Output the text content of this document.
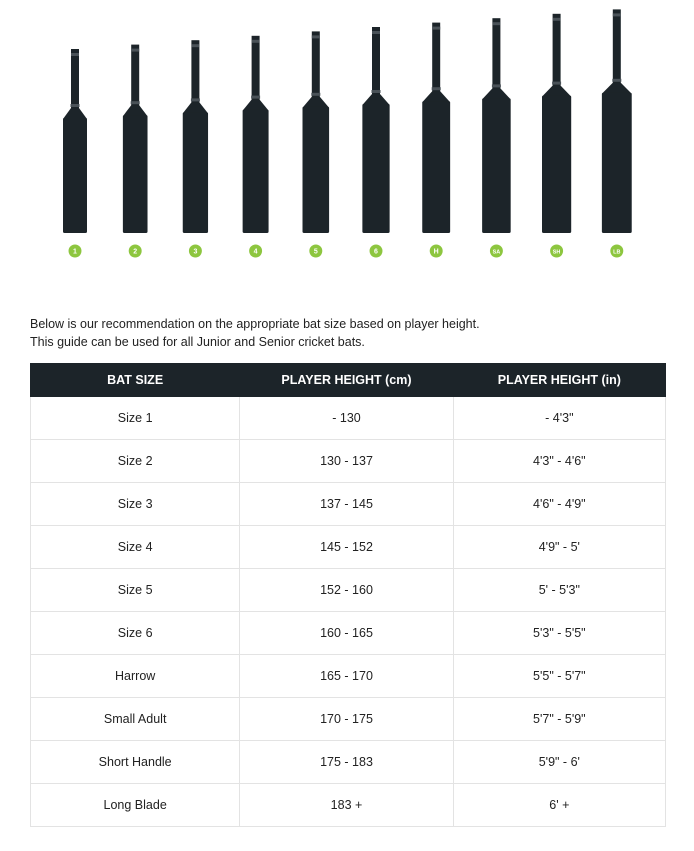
1	2	3	4	5	6	H	SA	SH	LB

Below is our recommendation on the appropriate bat size based on player height.

This guide can be used for all Junior and Senior cricket bats.

BAT SIZE	PLAYER HEIGHT (cm)	PLAYER HEIGHT (in)
Size 1	- 130	- 4'3"
Size 2	130 - 137	4'3" - 4'6"
Size 3	137 - 145	4'6" - 4'9"
Size 4	145 - 152	4'9" - 5'
Size 5	152 - 160	5' - 5'3"
Size 6	160 - 165	5'3" - 5'5"
Harrow	165 - 170	5'5" - 5'7"
Small Adult	170 - 175	5'7" - 5'9"
Short Handle	175 - 183	5'9" - 6'
Long Blade	183 +	6' +
